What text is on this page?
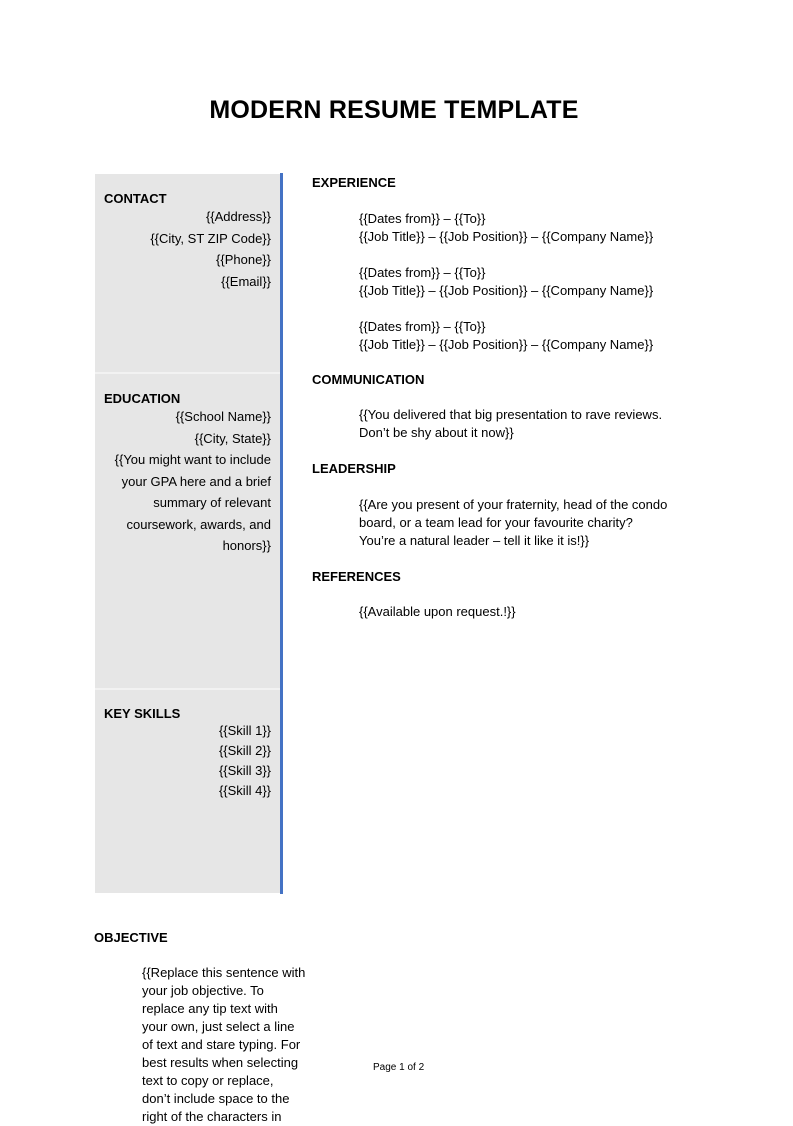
MODERN RESUME TEMPLATE
CONTACT
{{Address}}
{{City, ST ZIP Code}}
{{Phone}}
{{Email}}
EDUCATION
{{School Name}}
{{City, State}}
{{You might want to include
your GPA here and a brief
summary of relevant
coursework, awards, and
honors}}
KEY SKILLS
{{Skill 1}}
{{Skill 2}}
{{Skill 3}}
{{Skill 4}}
EXPERIENCE
{{Dates from}} – {{To}}
{{Job Title}} – {{Job Position}} – {{Company Name}}
{{Dates from}} – {{To}}
{{Job Title}} – {{Job Position}} – {{Company Name}}
{{Dates from}} – {{To}}
{{Job Title}} – {{Job Position}} – {{Company Name}}
COMMUNICATION
{{You delivered that big presentation to rave reviews.
Don’t be shy about it now}}
LEADERSHIP
{{Are you present of your fraternity, head of the condo
board, or a team lead for your favourite charity?
You’re a natural leader – tell it like it is!}}
REFERENCES
{{Available upon request.!}}
OBJECTIVE
{{Replace this sentence with
your job objective. To
replace any tip text with
your own, just select a line
of text and stare typing. For
best results when selecting
text to copy or replace,
don’t include space to the
right of the characters in
Page 1 of 2
